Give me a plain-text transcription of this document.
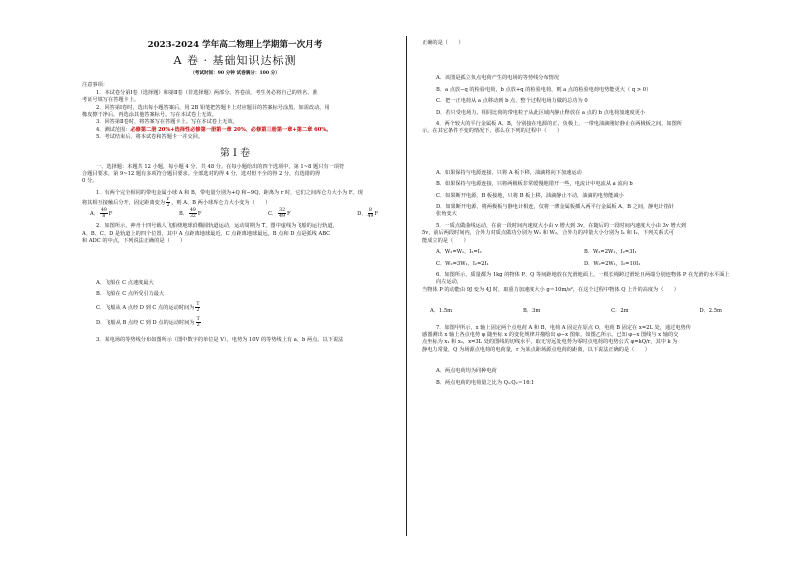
2023-2024 学年高二物理上学期第一次月考

A 卷 · 基础知识达标测

（考试时间：90 分钟 试卷满分：100 分）

注意事项：

1．本试卷分第Ⅰ卷（选择题）和第Ⅱ卷（非选择题）两部分。答卷前，考生务必将自己的姓名、准

考证号填写在答题卡上。

2．回答第Ⅰ卷时，选出每小题答案后，用 2B 铅笔把答题卡上对应题目的答案标号涂黑。如需改动，用

橡皮擦干净后，再选涂其他答案标号。写在本试卷上无效。

3．回答第Ⅱ卷时，将答案写在答题卡上。写在本试卷上无效。

4．测试范围：必修第二册 20%+选择性必修第一册第一章 20%、必修第三册第一章+第二章 60%。

5．考试结束后，将本试卷和答题卡一并交回。

第 Ⅰ 卷

一、选择题：本题共 12 小题，每小题 4 分，共 48 分。在每小题给出的四个选项中，第 1~8 题只有一项符

合题目要求，第 9~12 题有多项符合题目要求。全部选对的得 4 分，选对但不全的得 2 分，有选错的得

0 分。

1．有两个完全相同的带电金属小球 A 和 B，带电量分别为+Q 和−9Q，距离为 r 时，它们之间库仑力大小为 F。现

将其相互接触后分开，固定距离变为 $\frac{r}{2}$ ，则 A、B 两小球库仑力大小变为（　　）

A． $\frac{49}{8}$ F	B． $\frac{49}{32}$ F	C． $\frac{32}{49}$ F	D． $\frac{8}{49}$ F

2．如图所示，神舟十四号载人飞船绕地球沿椭圆轨道运动，运动周期为 T，图中虚线为飞船的运行轨道，

A、B、C、D 是轨道上的四个位置，其中 A 点距离地球最近，C 点距离地球最远。B 点和 D 点是弧线 ABC

和 ADC 的中点，下列说法正确的是（　　）

A．飞船在 C 点速度最大

B．飞船在 C 点所受引力最大

C．飞船从 A 点经 D 到 C 点的运动时间为 $\frac{T}{2}$

D．飞船从 B 点经 C 到 D 点的运动时间为 $\frac{T}{2}$

3．某电场的等势线分布如图所示（图中数字的单位是 V），电势为 10V 的等势线上有 a、b 两点。以下说法

正确的是（　　）

A．该图是孤立负点电荷产生的电场的等势线分布情况

B．a 点放−q 的检验电荷，b 点放+q 的检验电荷，则 a 点的检验电荷电势能更大（ q > 0）

C．把一正电荷从 a 点移动到 b 点，整个过程电场力做的总功为 0

D．若只受电场力，相同比荷的带电粒子从此区域内静止释放在 a 点的 b 点电荷加速度更小

4．两个较大的平行金属板 A、B，分别接在电源的正、负极上，一带电油滴刚好静止在两极板之间，如图所

示，在其它条件不变的情况下，那么在下列的过程中（　　）

A．如果保持与电源连接，只将 A 板下移，油滴将向下加速运动

B．如果保持与电源连接，只将两极板非常缓慢地错开一些，电流计中电流从 a 流向 b

C．如果断开电源，B 板接地，只将 B 板上移，油滴静止不动，油滴的电势能减小

D．如果断开电源，将两极板与静电计相连，仅将一薄金属板插入两平行金属板 A、B 之间，静电计指针

张角变大

5．一质点做曲线运动，在前一段时间内速度大小由 v 增大到 3v，在随后的一段时间内速度大小由 3v 增大到

5v，前后两段时间内，合外力对质点做功分别为 W₁ 和 W₂，合外力的冲量大小分别为 I₁ 和 I₂，下列关系式可

能成立的是（　　）

A．W₂=W₁，I₂=I₁	B．W₂=2W₁，I₂=3I₁
C．W₂=3W₁，I₂=2I₁	D．W₂=2W₁，I₂=10I₁

6．如图所示，质量都为 1kg 的物体 P、Q 等间距地放在光滑地面上，一根长绳跨过滑轮且两端分别连物体 P 在光滑的水平面上向左运动，

当物体 P 的动能由 9J 变为 4J 时，取重力加速度大小 g＝10m/s²，在这个过程中物体 Q 上升的高度为（　　）

A．1.5m	B．3m	C．2m	D．2.5m

7．如图甲所示，x 轴上固定两个点电荷 A 和 B，电荷 A 固定在原点 O，电荷 B 固定在 x=2L 处，通过电势传

感器测出 x 轴上各点电势 φ 随坐标 x 的变化规律并描绘出 φ−x 图象，如图乙所示。已知 φ−x 图线与 x 轴的交

点坐标为 x₁ 和 x₂，x=3L 处的图线的切线水平，取无穷远处电势为零时点电荷的电势公式 φ=kQ/r，其中 k 为

静电力常量，Q 为场源点电荷的电荷量，r 为某点距场源点电荷的距离，以下说法正确的是（　　）

A．两点电荷均为同种电荷

B．两点电荷的电荷量之比为 Q₁∶Q₂＝16∶1
